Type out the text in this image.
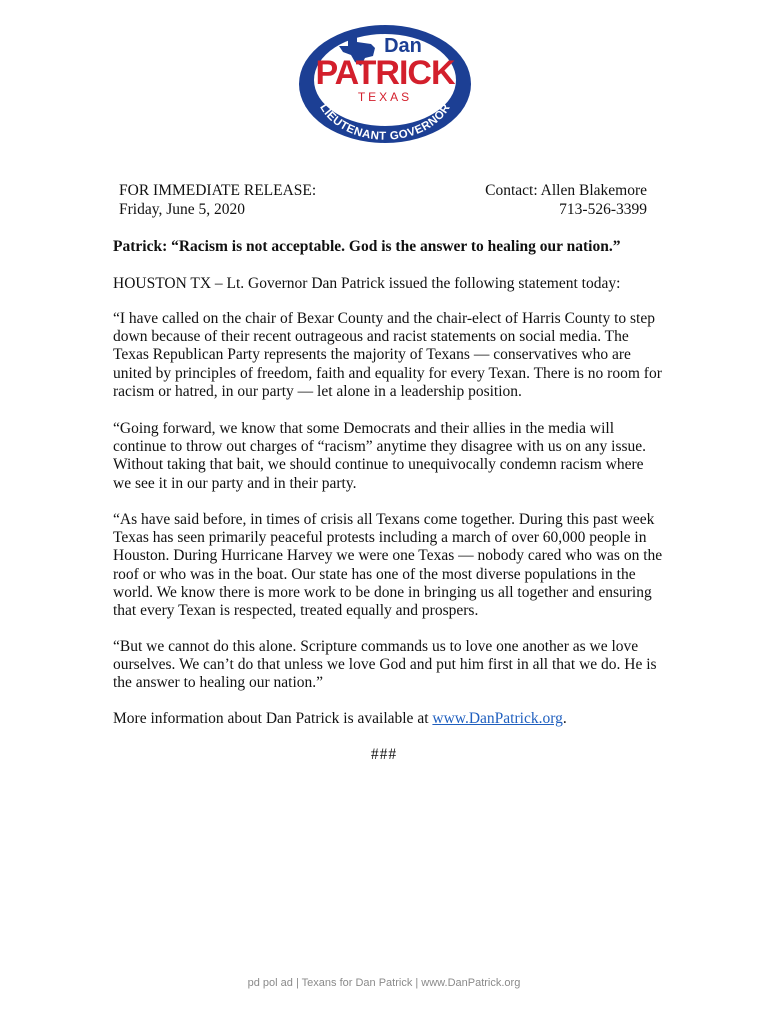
Dan
PATRICK
TEXAS
LIEUTENANT GOVERNOR
FOR IMMEDIATE RELEASE:
Friday, June 5, 2020
Contact: Allen Blakemore
713-526-3399
Patrick: “Racism is not acceptable. God is the answer to healing our nation.”
HOUSTON TX – Lt. Governor Dan Patrick issued the following statement today:
“I have called on the chair of Bexar County and the chair-elect of Harris County to step down because of their recent outrageous and racist statements on social media. The Texas Republican Party represents the majority of Texans — conservatives who are united by principles of freedom, faith and equality for every Texan. There is no room for racism or hatred, in our party — let alone in a leadership position.
“Going forward, we know that some Democrats and their allies in the media will continue to throw out charges of “racism” anytime they disagree with us on any issue. Without taking that bait, we should continue to unequivocally condemn racism where we see it in our party and in their party.
“As have said before, in times of crisis all Texans come together. During this past week Texas has seen primarily peaceful protests including a march of over 60,000 people in Houston. During Hurricane Harvey we were one Texas — nobody cared who was on the roof or who was in the boat. Our state has one of the most diverse populations in the world. We know there is more work to be done in bringing us all together and ensuring that every Texan is respected, treated equally and prospers.
“But we cannot do this alone. Scripture commands us to love one another as we love ourselves. We can’t do that unless we love God and put him first in all that we do. He is the answer to healing our nation.”
More information about Dan Patrick is available at www.DanPatrick.org.
###
pd pol ad | Texans for Dan Patrick | www.DanPatrick.org
